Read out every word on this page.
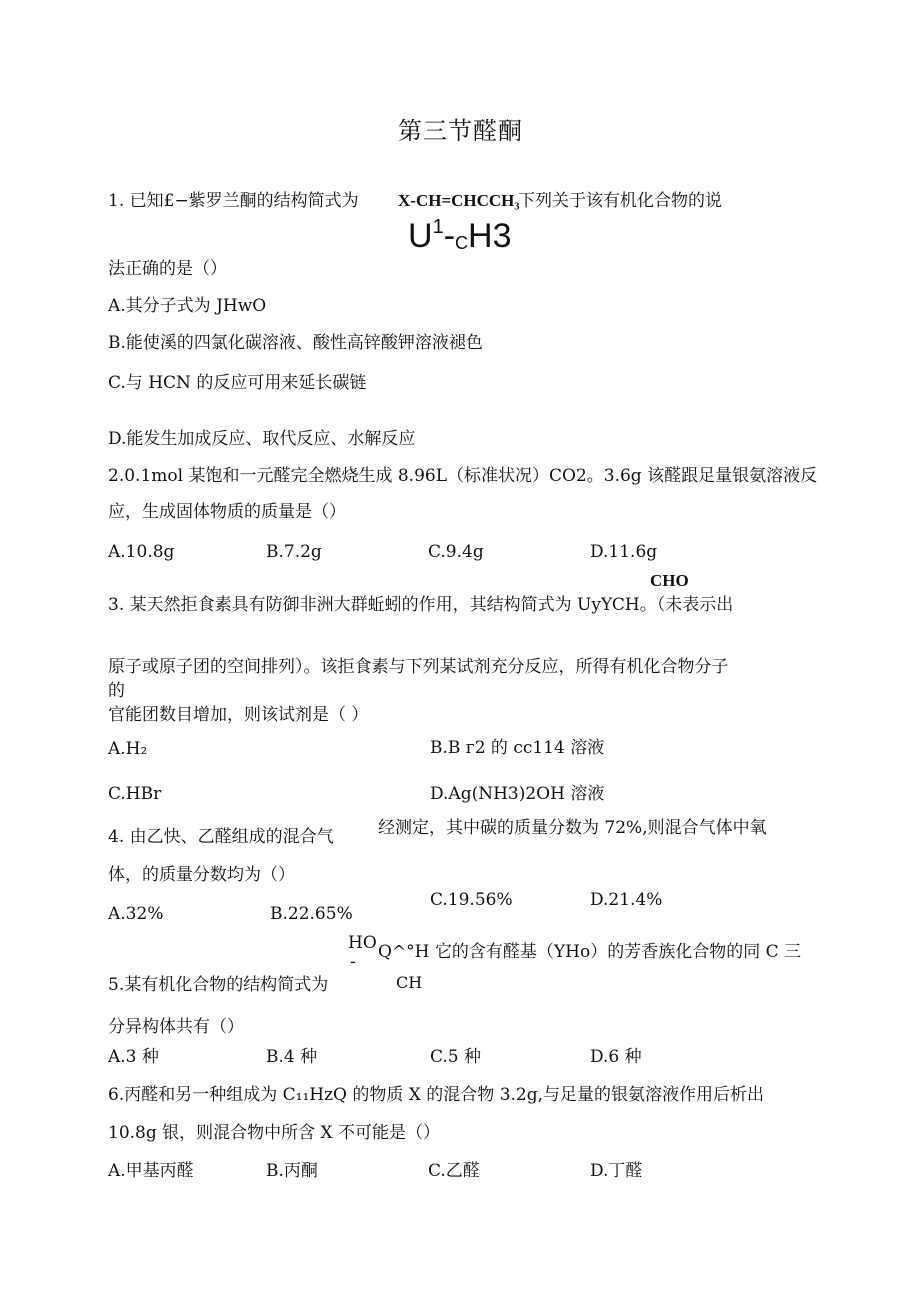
第三节醛酮
1. 已知£−紫罗兰酮的结构简式为 X-CH=CHCCH₃
下列关于该有机化合物的说
$U^1-_CH3$
法正确的是（）
A.其分子式为 JHwO
B.能使溪的四氯化碳溶液、酸性高锌酸钾溶液褪色
C.与 HCN 的反应可用来延长碳链
D.能发生加成反应、取代反应、水解反应
2.0.1mol 某饱和一元醛完全燃烧生成 8.96L（标准状况）CO2。3.6g 该醛跟足量银氨溶液反
应，生成固体物质的质量是（）
A.10.8g	B.7.2g	C.9.4g	D.11.6g
CHO
3. 某天然拒食素具有防御非洲大群蚯蚓的作用，其结构简式为 UyYCH。（未表示出
原子或原子团的空间排列）。该拒食素与下列某试剂充分反应，所得有机化合物分子
的
官能团数目增加，则该试剂是（ ）
A.H₂	B.B г2 的 cc114 溶液
C.HBr	D.Ag(NH3)2OH 溶液
4. 由乙快、乙醛组成的混合气	经测定，其中碳的质量分数为 72%,则混合气体中氧
体，的质量分数均为（）
A.32%	B.22.65%
C.19.56%	D.21.4%
HO
- Q^°H 它的含有醛基（YHo）的芳香族化合物的同 C 三
5.某有机化合物的结构简式为	CH
分异构体共有（）
A.3 种	B.4 种	C.5 种	D.6 种
6.丙醛和另一种组成为 C₁₁HzQ 的物质 X 的混合物 3.2g,与足量的银氨溶液作用后析出
10.8g 银，则混合物中所含 X 不可能是（）
A.甲基丙醛	B.丙酮	C.乙醛	D.丁醛
